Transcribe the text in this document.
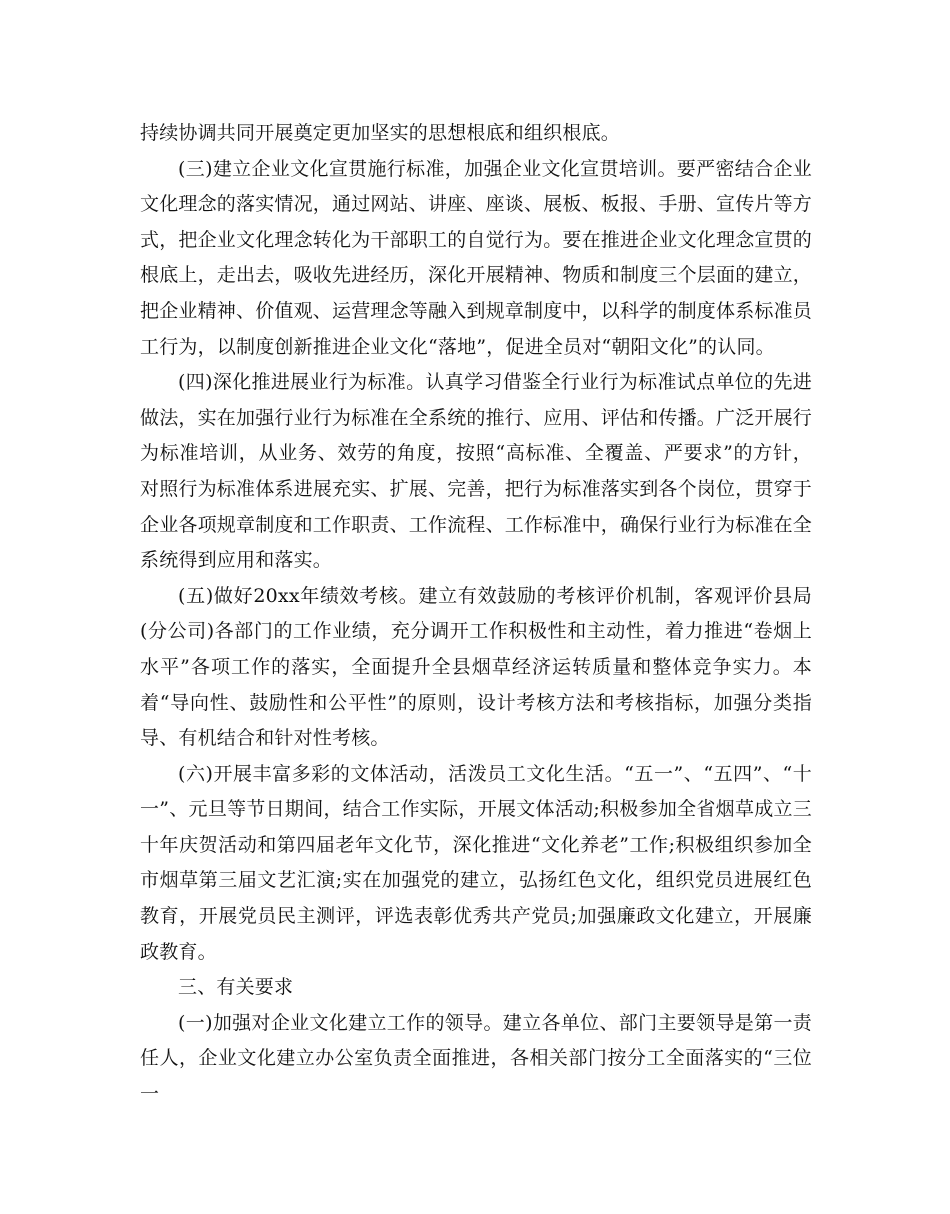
持续协调共同开展奠定更加坚实的思想根底和组织根底。

(三)建立企业文化宣贯施行标准，加强企业文化宣贯培训。要严密结合企业文化理念的落实情况，通过网站、讲座、座谈、展板、板报、手册、宣传片等方式，把企业文化理念转化为干部职工的自觉行为。要在推进企业文化理念宣贯的根底上，走出去，吸收先进经历，深化开展精神、物质和制度三个层面的建立，把企业精神、价值观、运营理念等融入到规章制度中，以科学的制度体系标准员工行为，以制度创新推进企业文化“落地”，促进全员对“朝阳文化”的认同。

(四)深化推进展业行为标准。认真学习借鉴全行业行为标准试点单位的先进做法，实在加强行业行为标准在全系统的推行、应用、评估和传播。广泛开展行为标准培训，从业务、效劳的角度，按照“高标准、全覆盖、严要求”的方针，对照行为标准体系进展充实、扩展、完善，把行为标准落实到各个岗位，贯穿于企业各项规章制度和工作职责、工作流程、工作标准中，确保行业行为标准在全系统得到应用和落实。

(五)做好20xx年绩效考核。建立有效鼓励的考核评价机制，客观评价县局(分公司)各部门的工作业绩，充分调开工作积极性和主动性，着力推进“卷烟上水平”各项工作的落实，全面提升全县烟草经济运转质量和整体竞争实力。本着“导向性、鼓励性和公平性”的原则，设计考核方法和考核指标，加强分类指导、有机结合和针对性考核。

(六)开展丰富多彩的文体活动，活泼员工文化生活。“五一”、“五四”、“十一”、元旦等节日期间，结合工作实际，开展文体活动;积极参加全省烟草成立三十年庆贺活动和第四届老年文化节，深化推进“文化养老”工作;积极组织参加全市烟草第三届文艺汇演;实在加强党的建立，弘扬红色文化，组织党员进展红色教育，开展党员民主测评，评选表彰优秀共产党员;加强廉政文化建立，开展廉政教育。

三、有关要求

(一)加强对企业文化建立工作的领导。建立各单位、部门主要领导是第一责任人，企业文化建立办公室负责全面推进，各相关部门按分工全面落实的“三位一
